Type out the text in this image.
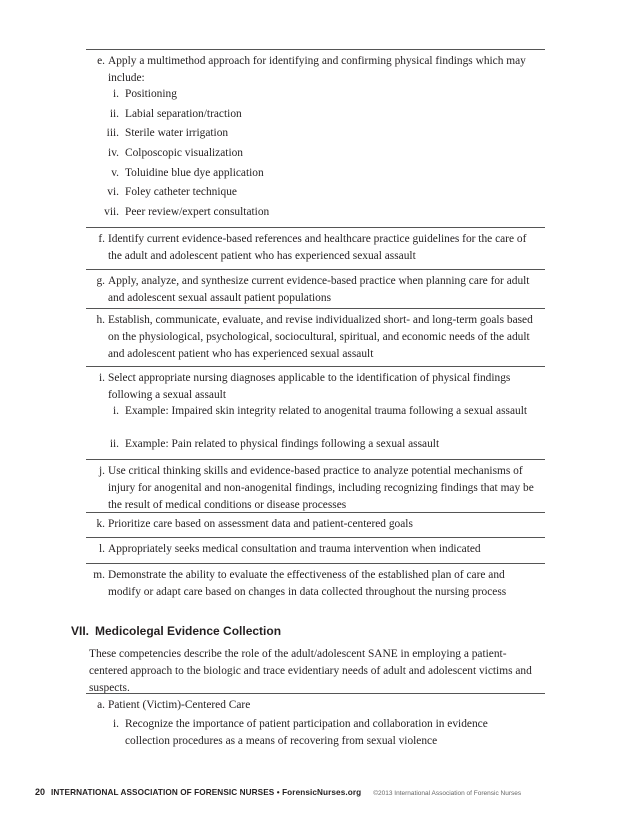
e. Apply a multimethod approach for identifying and confirming physical findings which may include:
i. Positioning
ii. Labial separation/traction
iii. Sterile water irrigation
iv. Colposcopic visualization
v. Toluidine blue dye application
vi. Foley catheter technique
vii. Peer review/expert consultation
f. Identify current evidence-based references and healthcare practice guidelines for the care of the adult and adolescent patient who has experienced sexual assault
g. Apply, analyze, and synthesize current evidence-based practice when planning care for adult and adolescent sexual assault patient populations
h. Establish, communicate, evaluate, and revise individualized short- and long-term goals based on the physiological, psychological, sociocultural, spiritual, and economic needs of the adult and adolescent patient who has experienced sexual assault
i. Select appropriate nursing diagnoses applicable to the identification of physical findings following a sexual assault
i. Example: Impaired skin integrity related to anogenital trauma following a sexual assault
ii. Example: Pain related to physical findings following a sexual assault
j. Use critical thinking skills and evidence-based practice to analyze potential mechanisms of injury for anogenital and non-anogenital findings, including recognizing findings that may be the result of medical conditions or disease processes
k. Prioritize care based on assessment data and patient-centered goals
l. Appropriately seeks medical consultation and trauma intervention when indicated
m. Demonstrate the ability to evaluate the effectiveness of the established plan of care and modify or adapt care based on changes in data collected throughout the nursing process
VII. Medicolegal Evidence Collection
These competencies describe the role of the adult/adolescent SANE in employing a patient-centered approach to the biologic and trace evidentiary needs of adult and adolescent victims and suspects.
a. Patient (Victim)-Centered Care
i. Recognize the importance of patient participation and collaboration in evidence collection procedures as a means of recovering from sexual violence
20 INTERNATIONAL ASSOCIATION OF FORENSIC NURSES • ForensicNurses.org ©2013 International Association of Forensic Nurses
